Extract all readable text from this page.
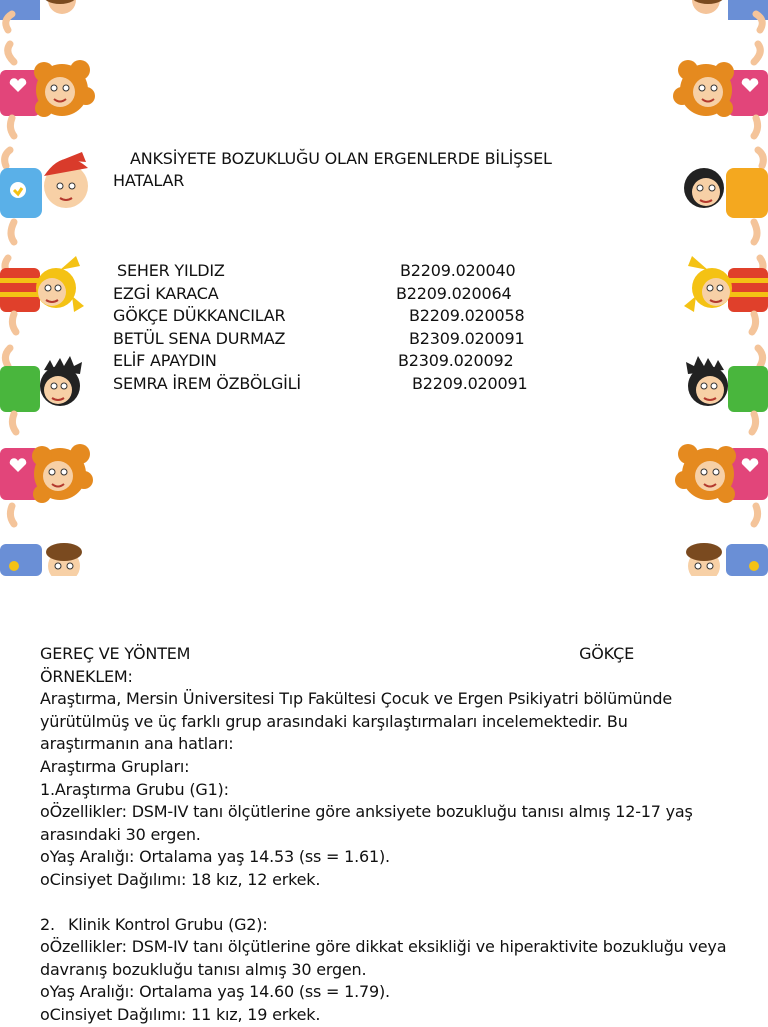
ANKSİYETE BOZUKLUĞU OLAN ERGENLERDE BİLİŞSEL
HATALAR
SEHER YILDIZ	B2209.020040
EZGİ KARACA	B2209.020064
GÖKÇE DÜKKANCILAR	B2209.020058
BETÜL SENA DURMAZ	B2309.020091
ELİF APAYDIN	B2309.020092
SEMRA İREM ÖZBÖLGİLİ	B2209.020091
GEREÇ VE YÖNTEM	GÖKÇE

ÖRNEKLEM:

Araştırma, Mersin Üniversitesi Tıp Fakültesi Çocuk ve Ergen Psikiyatri bölümünde yürütülmüş ve üç farklı grup arasındaki karşılaştırmaları incelemektedir. Bu araştırmanın ana hatları:

Araştırma Grupları:

1.Araştırma Grubu (G1):

oÖzellikler: DSM-IV tanı ölçütlerine göre anksiyete bozukluğu tanısı almış 12-17 yaş arasındaki 30 ergen.

oYaş Aralığı: Ortalama yaş 14.53 (ss = 1.61).

oCinsiyet Dağılımı: 18 kız, 12 erkek.

2. Klinik Kontrol Grubu (G2):

oÖzellikler: DSM-IV tanı ölçütlerine göre dikkat eksikliği ve hiperaktivite bozukluğu veya davranış bozukluğu tanısı almış 30 ergen.

oYaş Aralığı: Ortalama yaş 14.60 (ss = 1.79).

oCinsiyet Dağılımı: 11 kız, 19 erkek.
